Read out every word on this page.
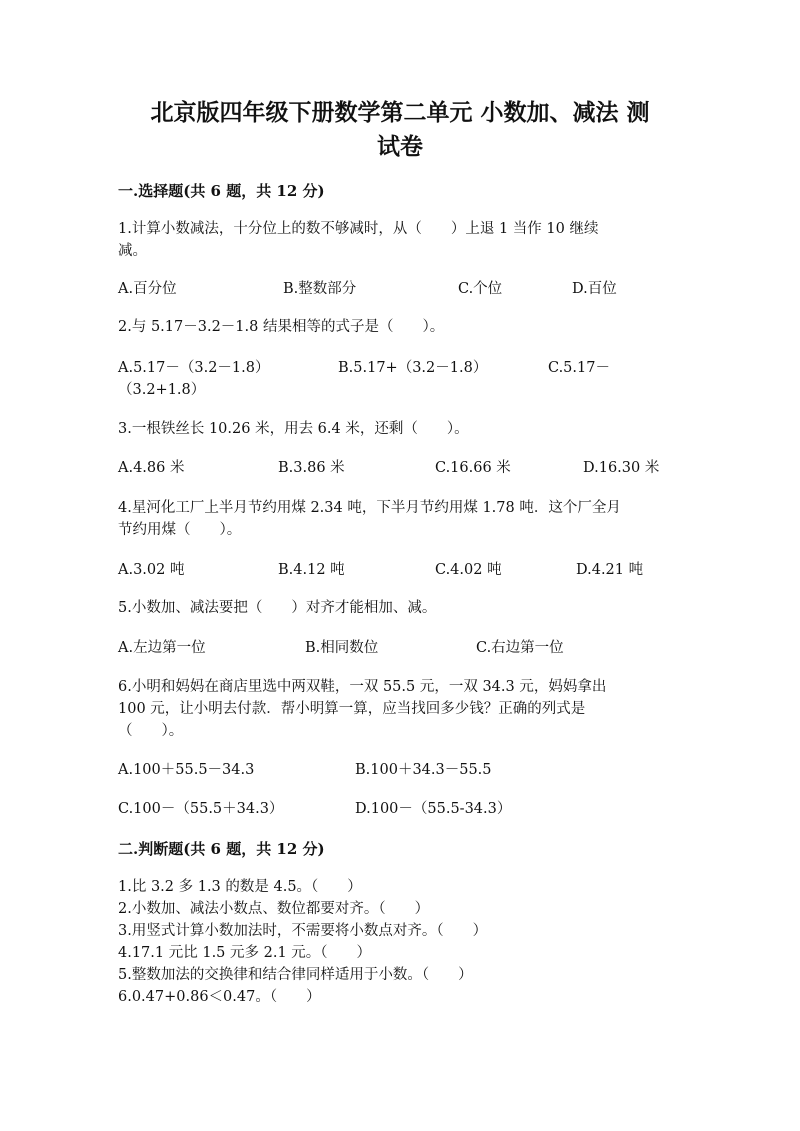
北京版四年级下册数学第二单元 小数加、减法 测
试卷
一.选择题(共 6 题，共 12 分)
1.计算小数减法，十分位上的数不够减时，从（　　）上退 1 当作 10 继续
减。
A.百分位	B.整数部分	C.个位	D.百位
2.与 5.17－3.2－1.8 结果相等的式子是（　　）。
A.5.17－（3.2－1.8）	B.5.17+（3.2－1.8）	C.5.17－
（3.2+1.8）
3.一根铁丝长 10.26 米，用去 6.4 米，还剩（　　）。
A.4.86 米	B.3.86 米	C.16.66 米	D.16.30 米
4.星河化工厂上半月节约用煤 2.34 吨，下半月节约用煤 1.78 吨．这个厂全月
节约用煤（　　）。
A.3.02 吨	B.4.12 吨	C.4.02 吨	D.4.21 吨
5.小数加、减法要把（　　）对齐才能相加、减。
A.左边第一位	B.相同数位	C.右边第一位
6.小明和妈妈在商店里选中两双鞋，一双 55.5 元，一双 34.3 元，妈妈拿出
100 元，让小明去付款．帮小明算一算，应当找回多少钱？正确的列式是
（　　）。
A.100＋55.5－34.3	B.100＋34.3－55.5
C.100－（55.5＋34.3）	D.100－（55.5-34.3）
二.判断题(共 6 题，共 12 分)
1.比 3.2 多 1.3 的数是 4.5。（　　）
2.小数加、减法小数点、数位都要对齐。（　　）
3.用竖式计算小数加法时，不需要将小数点对齐。（　　）
4.17.1 元比 1.5 元多 2.1 元。（　　）
5.整数加法的交换律和结合律同样适用于小数。（　　）
6.0.47+0.86＜0.47。（　　）
